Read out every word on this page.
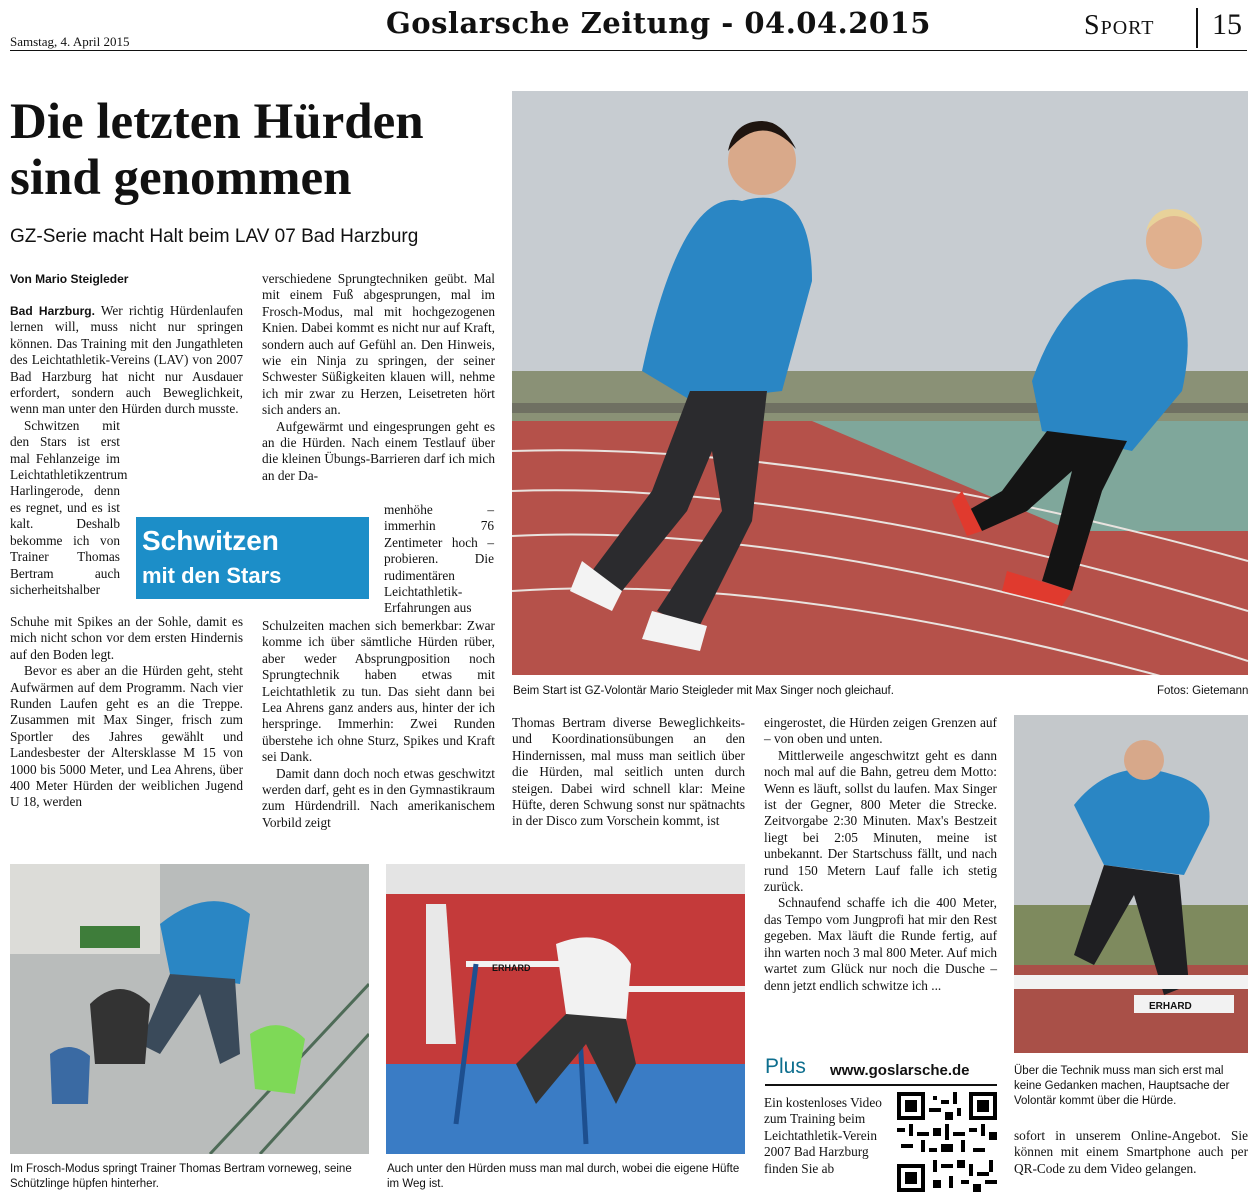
Samstag, 4. April 2015
Goslarsche Zeitung - 04.04.2015	Sport 15
Die letzten Hürden
sind genommen
GZ-Serie macht Halt beim LAV 07 Bad Harzburg
Von Mario Steigleder

Bad Harzburg. Wer richtig Hürdenlaufen lernen will, muss nicht nur springen können. Das Training mit den Jungathleten des Leichtathletik-Vereins (LAV) von 2007 Bad Harzburg hat nicht nur Ausdauer erfordert, sondern auch Beweglichkeit, wenn man unter den Hürden durch musste.

Schwitzen mit den Stars ist erst mal Fehlanzeige im Leichtathletikzentrum Harlingerode, denn es regnet, und es ist kalt. Deshalb bekomme ich von Trainer Thomas Bertram auch sicherheitshalber

Schuhe mit Spikes an der Sohle, damit es mich nicht schon vor dem ersten Hindernis auf den Boden legt.

Bevor es aber an die Hürden geht, steht Aufwärmen auf dem Programm. Nach vier Runden Laufen geht es an die Treppe. Zusammen mit Max Singer, frisch zum Sportler des Jahres gewählt und Landesbester der Altersklasse M 15 von 1000 bis 5000 Meter, und Lea Ahrens, über 400 Meter Hürden der weiblichen Jugend U 18, werden

Schwitzen
mit den Stars

verschiedene Sprungtechniken geübt. Mal mit einem Fuß abgesprungen, mal im Frosch-Modus, mal mit hochgezogenen Knien. Dabei kommt es nicht nur auf Kraft, sondern auch auf Gefühl an. Den Hinweis, wie ein Ninja zu springen, der seiner Schwester Süßigkeiten klauen will, nehme ich mir zwar zu Herzen, Leisetreten hört sich anders an.

Aufgewärmt und eingesprungen geht es an die Hürden. Nach einem Testlauf über die kleinen Übungs-Barrieren darf ich mich an der Da-

menhöhe – immerhin 76 Zentimeter hoch – probieren. Die rudimentären Leichtathletik-Erfahrungen aus

Schulzeiten machen sich bemerkbar: Zwar komme ich über sämtliche Hürden rüber, aber weder Absprungposition noch Sprungtechnik haben etwas mit Leichtathletik zu tun. Das sieht dann bei Lea Ahrens ganz anders aus, hinter der ich herspringe. Immerhin: Zwei Runden überstehe ich ohne Sturz, Spikes und Kraft sei Dank.

Damit dann doch noch etwas geschwitzt werden darf, geht es in den Gymnastikraum zum Hürdendrill. Nach amerikanischem Vorbild zeigt

Beim Start ist GZ-Volontär Mario Steigleder mit Max Singer noch gleichauf.	Fotos: Gietemann

Thomas Bertram diverse Beweglichkeits- und Koordinationsübungen an den Hindernissen, mal muss man seitlich über die Hürden, mal seitlich unten durch steigen. Dabei wird schnell klar: Meine Hüfte, deren Schwung sonst nur spätnachts in der Disco zum Vorschein kommt, ist

eingerostet, die Hürden zeigen Grenzen auf – von oben und unten.

Mittlerweile angeschwitzt geht es dann noch mal auf die Bahn, getreu dem Motto: Wenn es läuft, sollst du laufen. Max Singer ist der Gegner, 800 Meter die Strecke. Zeitvorgabe 2:30 Minuten. Max's Bestzeit liegt bei 2:05 Minuten, meine ist unbekannt. Der Startschuss fällt, und nach rund 150 Metern Lauf falle ich stetig zurück.

Schnaufend schaffe ich die 400 Meter, das Tempo vom Jungprofi hat mir den Rest gegeben. Max läuft die Runde fertig, auf ihn warten noch 3 mal 800 Meter. Auf mich wartet zum Glück nur noch die Dusche – denn jetzt endlich schwitze ich ...

ERHARD
Über die Technik muss man sich erst mal keine Gedanken machen, Hauptsache der Volontär kommt über die Hürde.

sofort in unserem Online-Angebot. Sie können mit einem Smartphone auch per QR-Code zu dem Video gelangen.

Im Frosch-Modus springt Trainer Thomas Bertram vorneweg, seine Schützlinge hüpfen hinterher.
ERHARD
Auch unter den Hürden muss man mal durch, wobei die eigene Hüfte im Weg ist.
Plus www.goslarsche.de

Ein kostenloses Video zum Training beim Leichtathletik-Verein 2007 Bad Harzburg finden Sie ab
